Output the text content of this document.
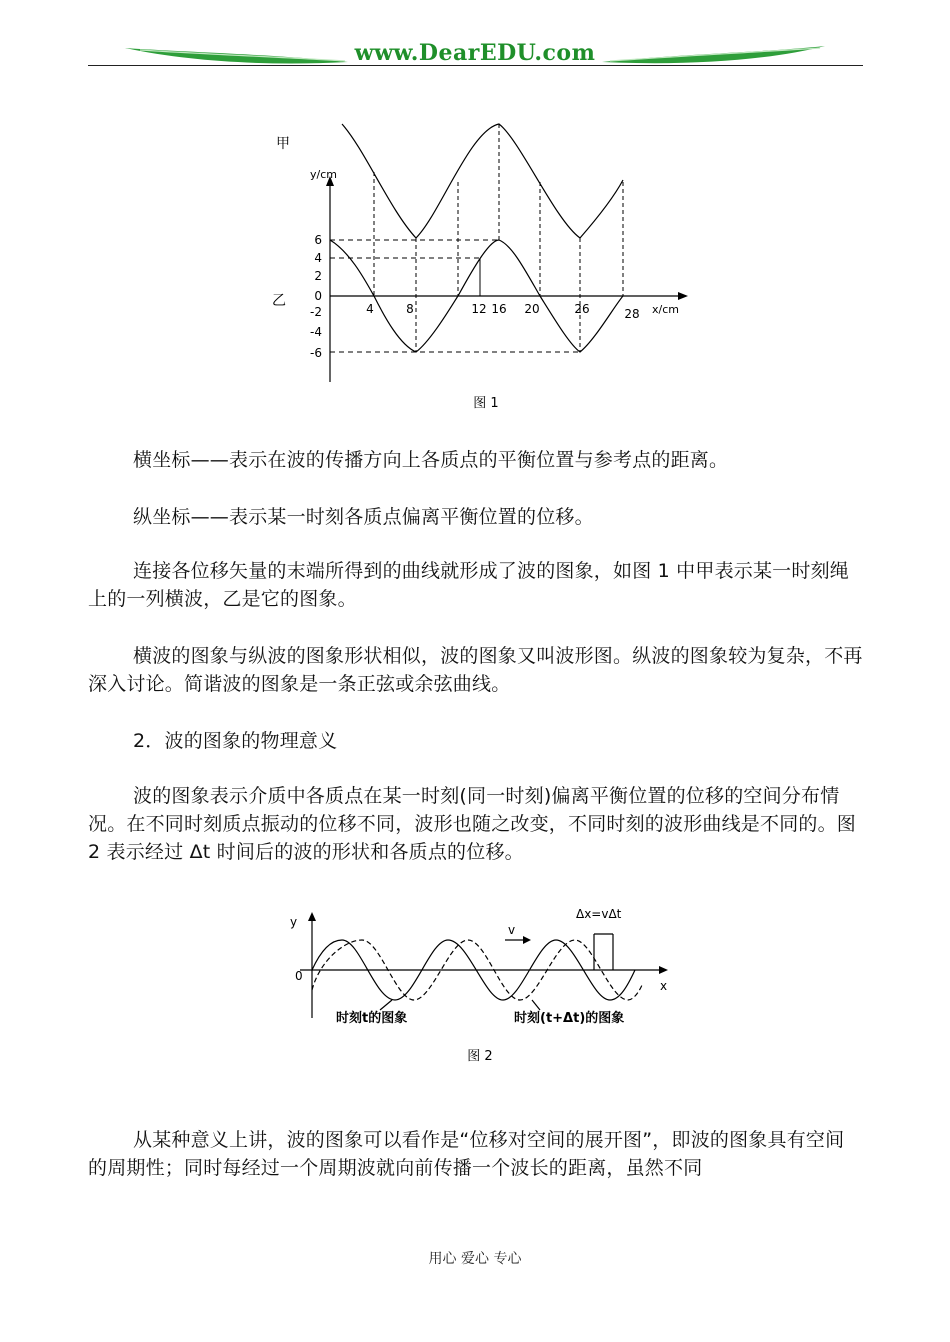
www.DearEDU.com
甲
乙
y/cm
x/cm
6
4
2
0
-2
-4
-6
4	8	12 16 20	26	28
图 1
横坐标——表示在波的传播方向上各质点的平衡位置与参考点的距离。
纵坐标——表示某一时刻各质点偏离平衡位置的位移。
连接各位移矢量的末端所得到的曲线就形成了波的图象，如图 1 中甲表示某一时刻绳上的一列横波，乙是它的图象。
横波的图象与纵波的图象形状相似，波的图象又叫波形图。纵波的图象较为复杂，不再深入讨论。简谐波的图象是一条正弦或余弦曲线。
2．波的图象的物理意义
波的图象表示介质中各质点在某一时刻(同一时刻)偏离平衡位置的位移的空间分布情况。在不同时刻质点振动的位移不同，波形也随之改变，不同时刻的波形曲线是不同的。图 2 表示经过 Δt 时间后的波的形状和各质点的位移。
y
x
0
v
Δx=vΔt
时刻t的图象	时刻(t+Δt)的图象
图 2
从某种意义上讲，波的图象可以看作是“位移对空间的展开图”，即波的图象具有空间的周期性；同时每经过一个周期波就向前传播一个波长的距离，虽然不同
用心 爱心 专心
